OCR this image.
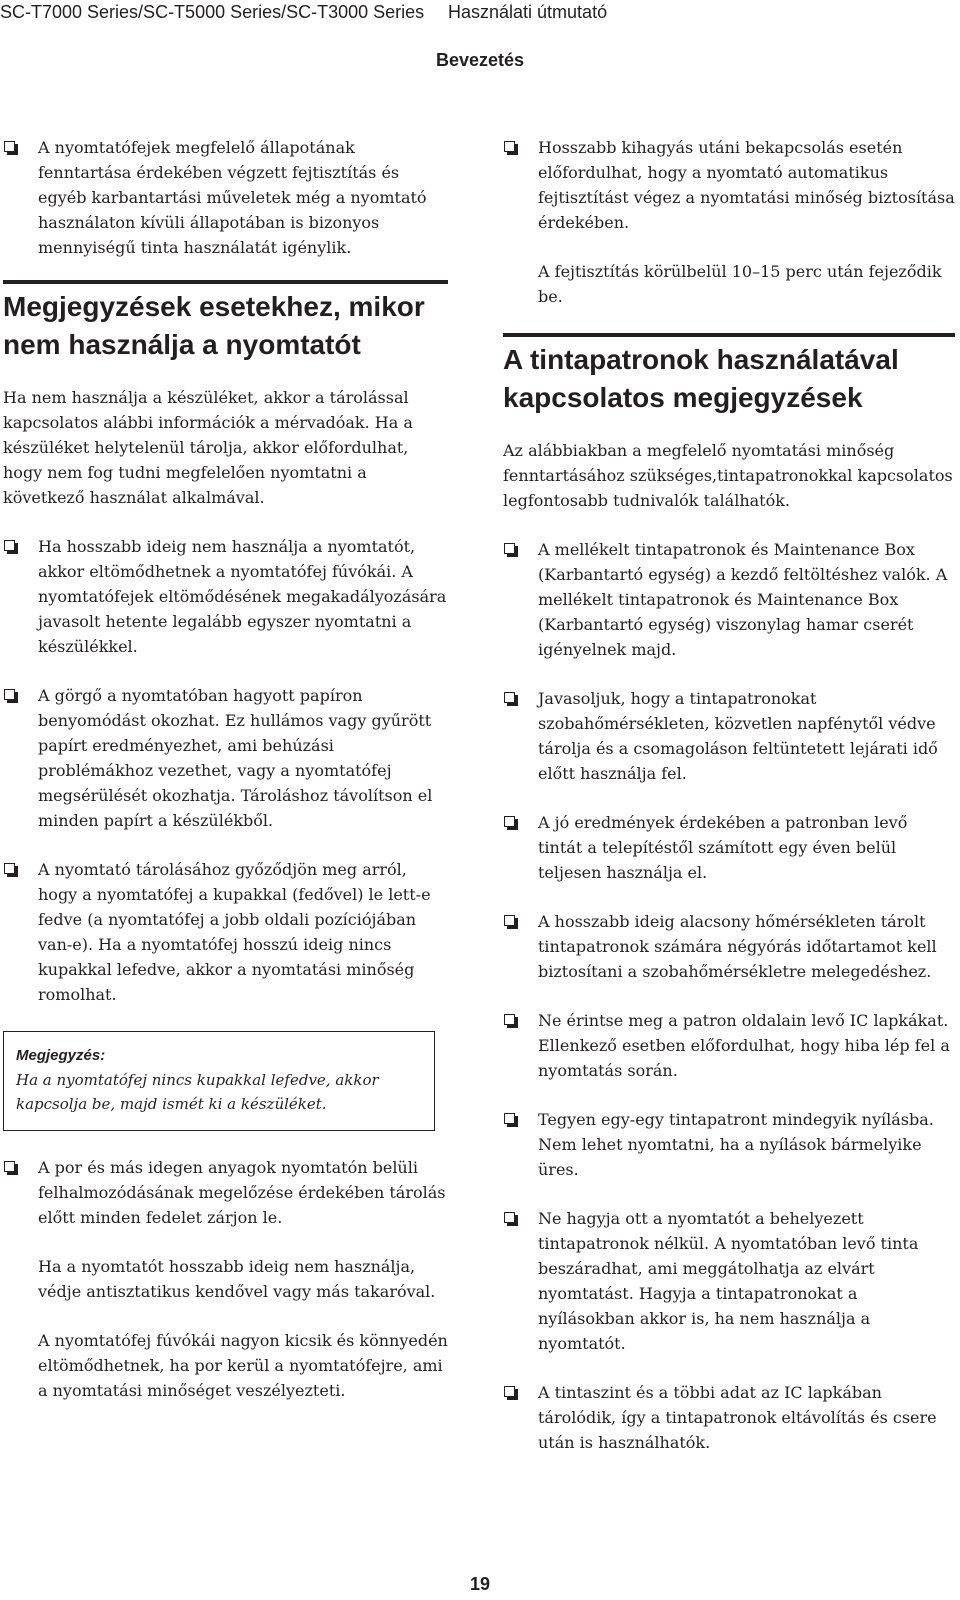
SC-T7000 Series/SC-T5000 Series/SC-T3000 Series Használati útmutató
Bevezetés

A nyomtatófejek megfelelő állapotának fenntartása érdekében végzett fejtisztítás és egyéb karbantartási műveletek még a nyomtató használaton kívüli állapotában is bizonyos mennyiségű tinta használatát igénylik.

Megjegyzések esetekhez, mikor nem használja a nyomtatót

Ha nem használja a készüléket, akkor a tárolással kapcsolatos alábbi információk a mérvadóak. Ha a készüléket helytelenül tárolja, akkor előfordulhat, hogy nem fog tudni megfelelően nyomtatni a következő használat alkalmával.

Ha hosszabb ideig nem használja a nyomtatót, akkor eltömődhetnek a nyomtatófej fúvókái. A nyomtatófejek eltömődésének megakadályozására javasolt hetente legalább egyszer nyomtatni a készülékkel.

A görgő a nyomtatóban hagyott papíron benyomódást okozhat. Ez hullámos vagy gyűrött papírt eredményezhet, ami behúzási problémákhoz vezethet, vagy a nyomtatófej megsérülését okozhatja. Tároláshoz távolítson el minden papírt a készülékből.

A nyomtató tárolásához győződjön meg arról, hogy a nyomtatófej a kupakkal (fedővel) le lett-e fedve (a nyomtatófej a jobb oldali pozíciójában van-e). Ha a nyomtatófej hosszú ideig nincs kupakkal lefedve, akkor a nyomtatási minőség romolhat.

Megjegyzés:
Ha a nyomtatófej nincs kupakkal lefedve, akkor kapcsolja be, majd ismét ki a készüléket.

A por és más idegen anyagok nyomtatón belüli felhalmozódásának megelőzése érdekében tárolás előtt minden fedelet zárjon le.

Ha a nyomtatót hosszabb ideig nem használja, védje antisztatikus kendővel vagy más takaróval.

A nyomtatófej fúvókái nagyon kicsik és könnyedén eltömődhetnek, ha por kerül a nyomtatófejre, ami a nyomtatási minőséget veszélyezteti.

Hosszabb kihagyás utáni bekapcsolás esetén előfordulhat, hogy a nyomtató automatikus fejtisztítást végez a nyomtatási minőség biztosítása érdekében.

A fejtisztítás körülbelül 10–15 perc után fejeződik be.

A tintapatronok használatával kapcsolatos megjegyzések

Az alábbiakban a megfelelő nyomtatási minőség fenntartásához szükséges,tintapatronokkal kapcsolatos legfontosabb tudnivalók találhatók.

A mellékelt tintapatronok és Maintenance Box (Karbantartó egység) a kezdő feltöltéshez valók. A mellékelt tintapatronok és Maintenance Box (Karbantartó egység) viszonylag hamar cserét igényelnek majd.

Javasoljuk, hogy a tintapatronokat szobahőmérsékleten, közvetlen napfénytől védve tárolja és a csomagoláson feltüntetett lejárati idő előtt használja fel.

A jó eredmények érdekében a patronban levő tintát a telepítéstől számított egy éven belül teljesen használja el.

A hosszabb ideig alacsony hőmérsékleten tárolt tintapatronok számára négyórás időtartamot kell biztosítani a szobahőmérsékletre melegedéshez.

Ne érintse meg a patron oldalain levő IC lapkákat. Ellenkező esetben előfordulhat, hogy hiba lép fel a nyomtatás során.

Tegyen egy-egy tintapatront mindegyik nyílásba. Nem lehet nyomtatni, ha a nyílások bármelyike üres.

Ne hagyja ott a nyomtatót a behelyezett tintapatronok nélkül. A nyomtatóban levő tinta beszáradhat, ami meggátolhatja az elvárt nyomtatást. Hagyja a tintapatronokat a nyílásokban akkor is, ha nem használja a nyomtatót.

A tintaszint és a többi adat az IC lapkában tárolódik, így a tintapatronok eltávolítás és csere után is használhatók.

19
